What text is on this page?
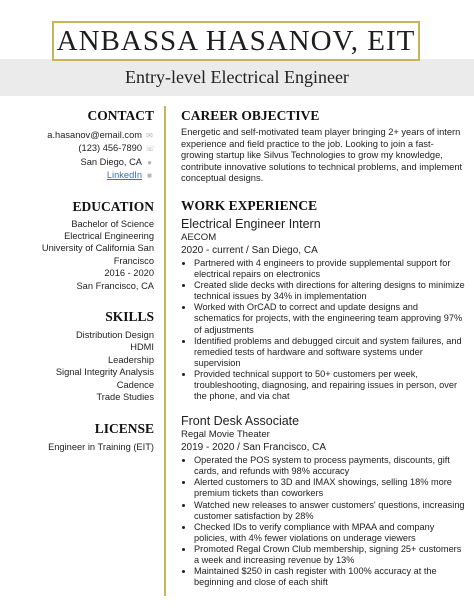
ANBASSA HASANOV, EIT
Entry-level Electrical Engineer
CONTACT
a.hasanov@email.com ✉
(123) 456-7890 ☏
San Diego, CA ●
LinkedIn ■
EDUCATION
Bachelor of Science
Electrical Engineering
University of California San
Francisco
2016 - 2020
San Francisco, CA
SKILLS
Distribution Design
HDMI
Leadership
Signal Integrity Analysis
Cadence
Trade Studies
LICENSE
Engineer in Training (EIT)
CAREER OBJECTIVE
Energetic and self-motivated team player bringing 2+ years of intern experience and field practice to the job. Looking to join a fast-growing startup like Silvus Technologies to grow my knowledge, contribute innovative solutions to technical problems, and implement conceptual designs.
WORK EXPERIENCE
Electrical Engineer Intern
AECOM
2020 - current / San Diego, CA
• Partnered with 4 engineers to provide supplemental support for electrical repairs on electronics
• Created slide decks with directions for altering designs to minimize technical issues by 34% in implementation
• Worked with OrCAD to correct and update designs and schematics for projects, with the engineering team approving 97% of adjustments
• Identified problems and debugged circuit and system failures, and remedied tests of hardware and software systems under supervision
• Provided technical support to 50+ customers per week, troubleshooting, diagnosing, and repairing issues in person, over the phone, and via chat
Front Desk Associate
Regal Movie Theater
2019 - 2020 / San Francisco, CA
• Operated the POS system to process payments, discounts, gift cards, and refunds with 98% accuracy
• Alerted customers to 3D and IMAX showings, selling 18% more premium tickets than coworkers
• Watched new releases to answer customers' questions, increasing customer satisfaction by 28%
• Checked IDs to verify compliance with MPAA and company policies, with 4% fewer violations on underage viewers
• Promoted Regal Crown Club membership, signing 25+ customers a week and increasing revenue by 13%
• Maintained $250 in cash register with 100% accuracy at the beginning and close of each shift
